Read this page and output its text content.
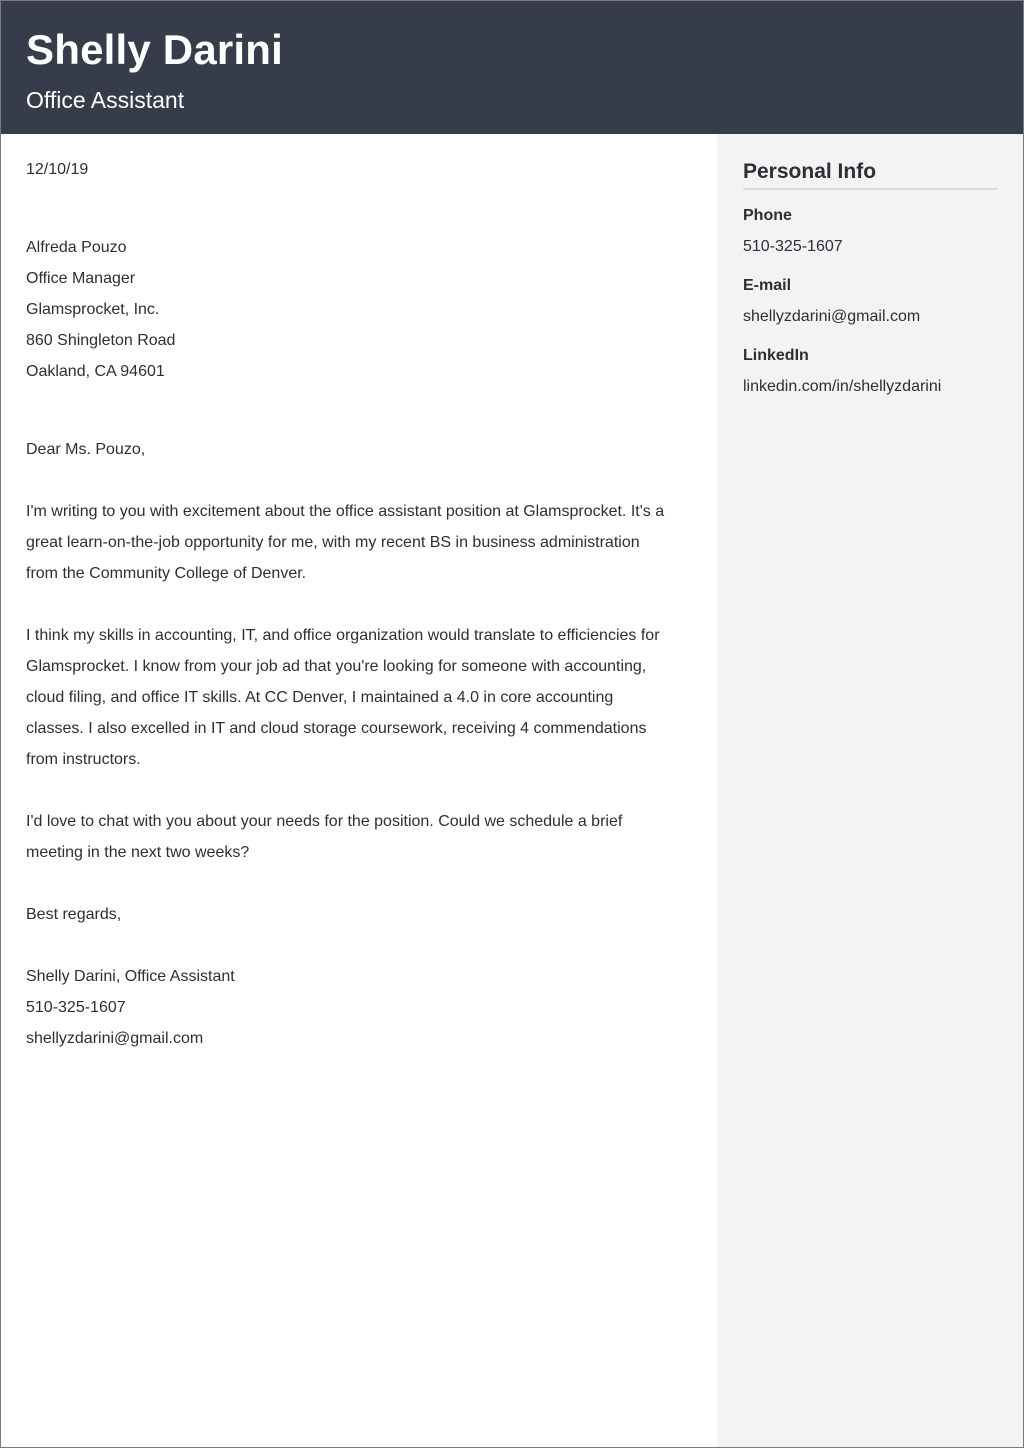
Shelly Darini
Office Assistant
12/10/19
Alfreda Pouzo
Office Manager
Glamsprocket, Inc.
860 Shingleton Road
Oakland, CA 94601
Dear Ms. Pouzo,
I'm writing to you with excitement about the office assistant position at Glamsprocket. It's a
great learn-on-the-job opportunity for me, with my recent BS in business administration
from the Community College of Denver.
I think my skills in accounting, IT, and office organization would translate to efficiencies for
Glamsprocket. I know from your job ad that you're looking for someone with accounting,
cloud filing, and office IT skills. At CC Denver, I maintained a 4.0 in core accounting
classes. I also excelled in IT and cloud storage coursework, receiving 4 commendations
from instructors.
I'd love to chat with you about your needs for the position. Could we schedule a brief
meeting in the next two weeks?
Best regards,
Shelly Darini, Office Assistant
510-325-1607
shellyzdarini@gmail.com
Personal Info
Phone
510-325-1607
E-mail
shellyzdarini@gmail.com
LinkedIn
linkedin.com/in/shellyzdarini
